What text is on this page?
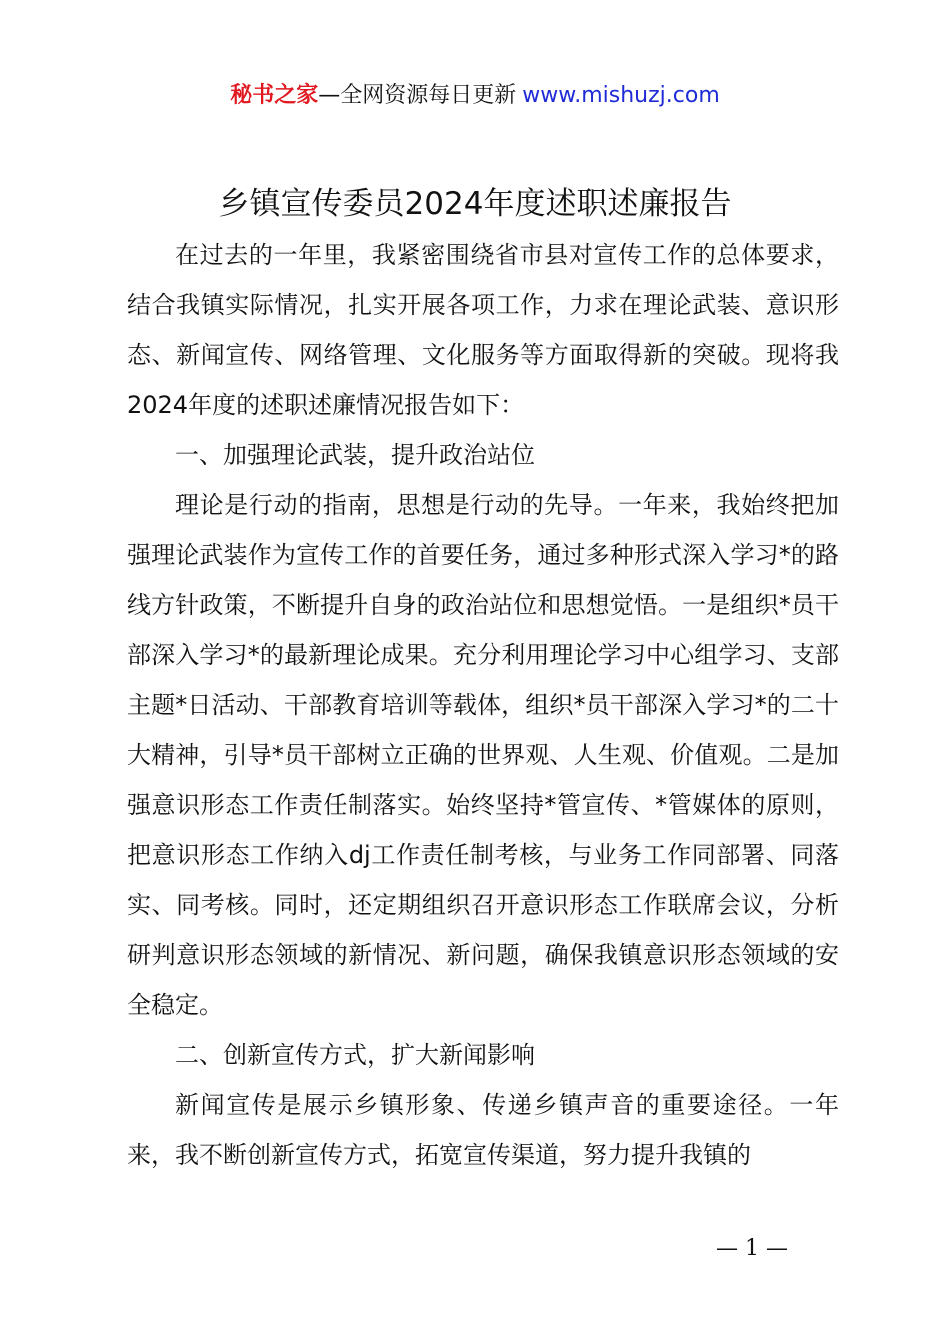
秘书之家—全网资源每日更新 www.mishuzj.com
乡镇宣传委员2024年度述职述廉报告

在过去的一年里，我紧密围绕省市县对宣传工作的总体要求，结合我镇实际情况，扎实开展各项工作，力求在理论武装、意识形态、新闻宣传、网络管理、文化服务等方面取得新的突破。现将我2024年度的述职述廉情况报告如下：

一、加强理论武装，提升政治站位

理论是行动的指南，思想是行动的先导。一年来，我始终把加强理论武装作为宣传工作的首要任务，通过多种形式深入学习*的路线方针政策，不断提升自身的政治站位和思想觉悟。一是组织*员干部深入学习*的最新理论成果。充分利用理论学习中心组学习、支部主题*日活动、干部教育培训等载体，组织*员干部深入学习*的二十大精神，引导*员干部树立正确的世界观、人生观、价值观。二是加强意识形态工作责任制落实。始终坚持*管宣传、*管媒体的原则，把意识形态工作纳入dj工作责任制考核，与业务工作同部署、同落实、同考核。同时，还定期组织召开意识形态工作联席会议，分析研判意识形态领域的新情况、新问题，确保我镇意识形态领域的安全稳定。

二、创新宣传方式，扩大新闻影响

新闻宣传是展示乡镇形象、传递乡镇声音的重要途径。一年来，我不断创新宣传方式，拓宽宣传渠道，努力提升我镇的

— 1 —
